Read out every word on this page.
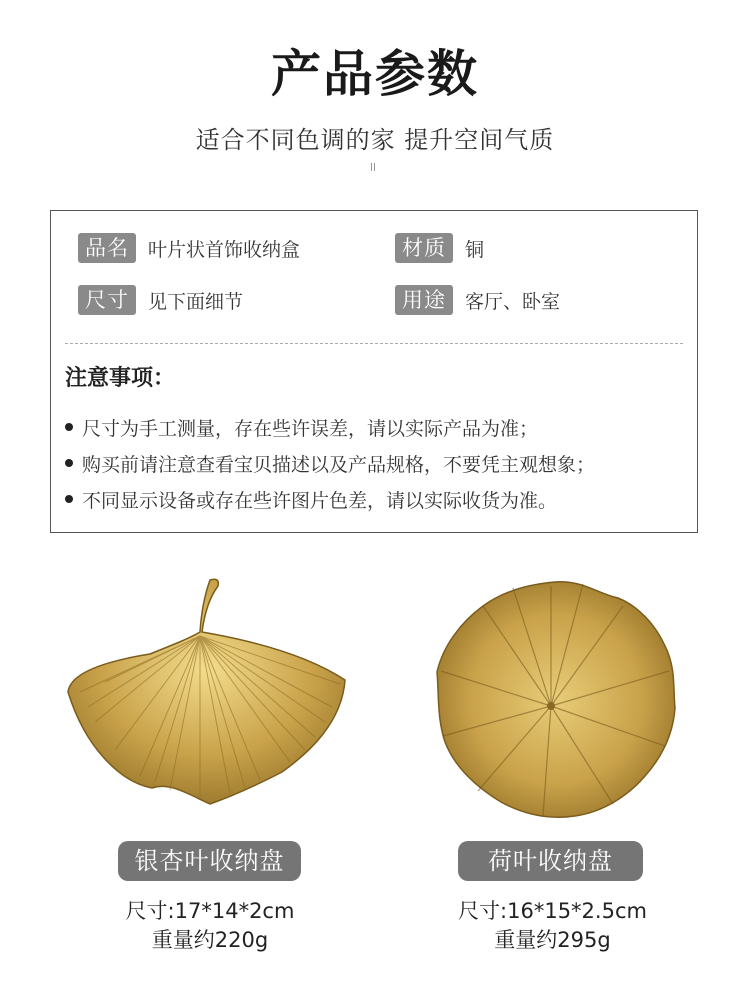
产品参数
适合不同色调的家 提升空间气质
品名	叶片状首饰收纳盒	材质	铜
尺寸	见下面细节	用途	客厅、卧室
注意事项：
尺寸为手工测量，存在些许误差，请以实际产品为准；
购买前请注意查看宝贝描述以及产品规格，不要凭主观想象；
不同显示设备或存在些许图片色差，请以实际收货为准。
银杏叶收纳盘
尺寸:17*14*2cm
重量约220g
荷叶收纳盘
尺寸:16*15*2.5cm
重量约295g
